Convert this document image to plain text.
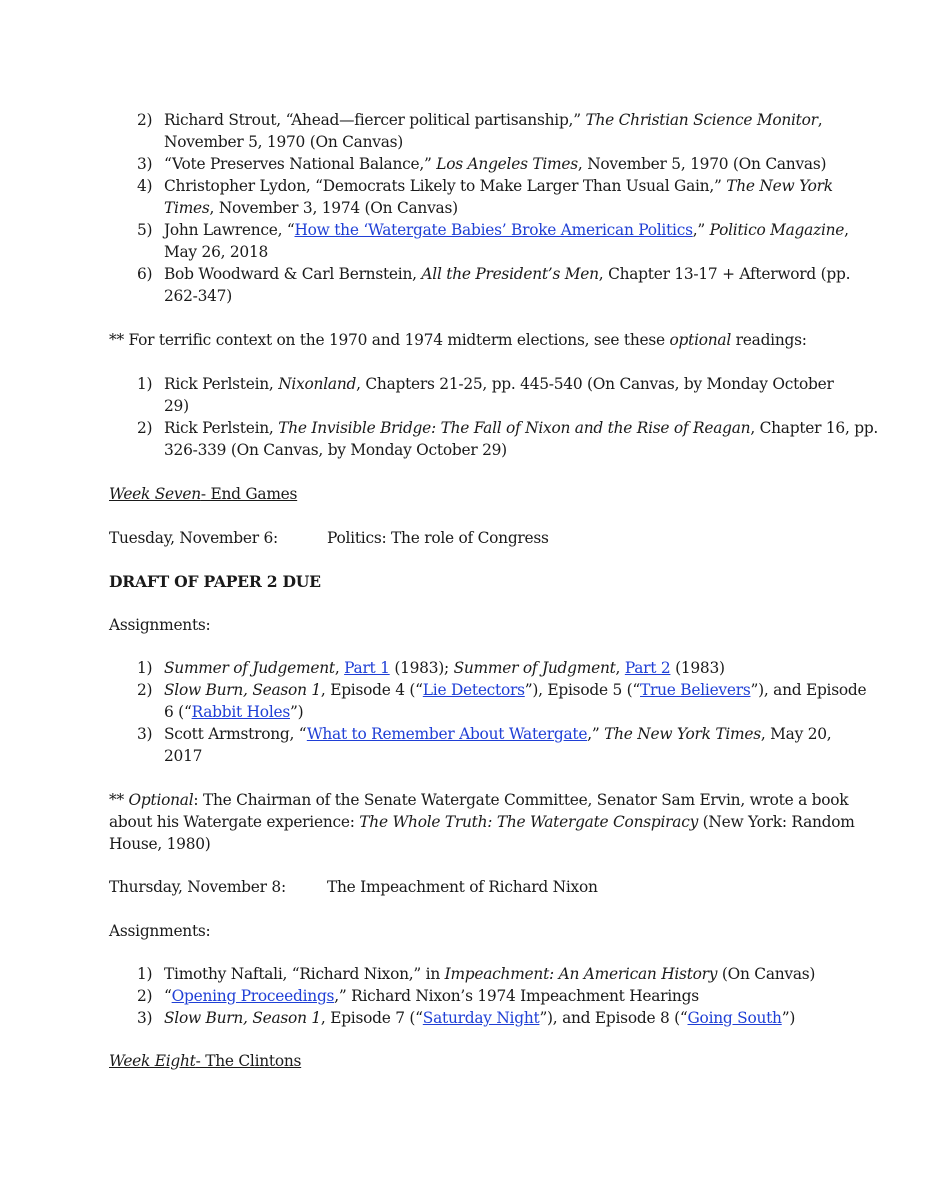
2) Richard Strout, “Ahead—fiercer political partisanship,” The Christian Science Monitor,
November 5, 1970 (On Canvas)
3) “Vote Preserves National Balance,” Los Angeles Times, November 5, 1970 (On Canvas)
4) Christopher Lydon, “Democrats Likely to Make Larger Than Usual Gain,” The New York
Times, November 3, 1974 (On Canvas)
5) John Lawrence, “How the ‘Watergate Babies’ Broke American Politics,” Politico Magazine,
May 26, 2018
6) Bob Woodward & Carl Bernstein, All the President’s Men, Chapter 13-17 + Afterword (pp.
262-347)
** For terrific context on the 1970 and 1974 midterm elections, see these optional readings:
1) Rick Perlstein, Nixonland, Chapters 21-25, pp. 445-540 (On Canvas, by Monday October
29)
2) Rick Perlstein, The Invisible Bridge: The Fall of Nixon and the Rise of Reagan, Chapter 16, pp.
326-339 (On Canvas, by Monday October 29)
Week Seven- End Games
Tuesday, November 6:	Politics: The role of Congress
DRAFT OF PAPER 2 DUE
Assignments:
1) Summer of Judgement, Part 1 (1983); Summer of Judgment, Part 2 (1983)
2) Slow Burn, Season 1, Episode 4 (“Lie Detectors”), Episode 5 (“True Believers”), and Episode
6 (“Rabbit Holes”)
3) Scott Armstrong, “What to Remember About Watergate,” The New York Times, May 20,
2017
** Optional: The Chairman of the Senate Watergate Committee, Senator Sam Ervin, wrote a book
about his Watergate experience: The Whole Truth: The Watergate Conspiracy (New York: Random
House, 1980)
Thursday, November 8:	The Impeachment of Richard Nixon
Assignments:
1) Timothy Naftali, “Richard Nixon,” in Impeachment: An American History (On Canvas)
2) “Opening Proceedings,” Richard Nixon’s 1974 Impeachment Hearings
3) Slow Burn, Season 1, Episode 7 (“Saturday Night”), and Episode 8 (“Going South”)
Week Eight- The Clintons
